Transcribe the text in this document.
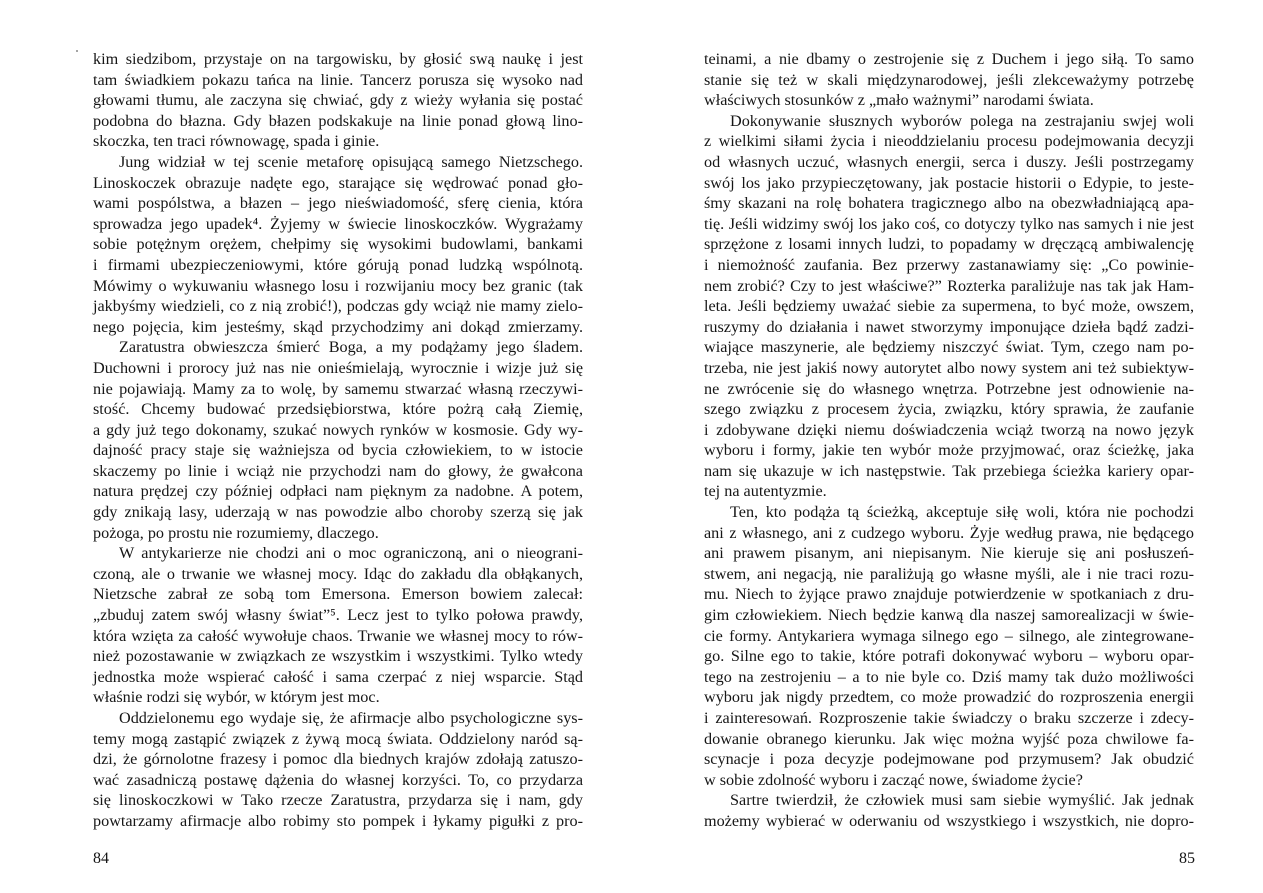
kim siedzibom, przystaje on na targowisku, by głosić swą naukę i jest
tam świadkiem pokazu tańca na linie. Tancerz porusza się wysoko nad
głowami tłumu, ale zaczyna się chwiać, gdy z wieży wyłania się postać
podobna do błazna. Gdy błazen podskakuje na linie ponad głową lino-
skoczka, ten traci równowagę, spada i ginie.
Jung widział w tej scenie metaforę opisującą samego Nietzschego.
Linoskoczek obrazuje nadęte ego, starające się wędrować ponad gło-
wami pospólstwa, a błazen – jego nieświadomość, sferę cienia, która
sprowadza jego upadek⁴. Żyjemy w świecie linoskoczków. Wygrażamy
sobie potężnym orężem, chełpimy się wysokimi budowlami, bankami
i firmami ubezpieczeniowymi, które górują ponad ludzką wspólnotą.
Mówimy o wykuwaniu własnego losu i rozwijaniu mocy bez granic (tak
jakbyśmy wiedzieli, co z nią zrobić!), podczas gdy wciąż nie mamy zielo-
nego pojęcia, kim jesteśmy, skąd przychodzimy ani dokąd zmierzamy.
Zaratustra obwieszcza śmierć Boga, a my podążamy jego śladem.
Duchowni i prorocy już nas nie onieśmielają, wyrocznie i wizje już się
nie pojawiają. Mamy za to wolę, by samemu stwarzać własną rzeczywi-
stość. Chcemy budować przedsiębiorstwa, które pożrą całą Ziemię,
a gdy już tego dokonamy, szukać nowych rynków w kosmosie. Gdy wy-
dajność pracy staje się ważniejsza od bycia człowiekiem, to w istocie
skaczemy po linie i wciąż nie przychodzi nam do głowy, że gwałcona
natura prędzej czy później odpłaci nam pięknym za nadobne. A potem,
gdy znikają lasy, uderzają w nas powodzie albo choroby szerzą się jak
pożoga, po prostu nie rozumiemy, dlaczego.
W antykarierze nie chodzi ani o moc ograniczoną, ani o nieograni-
czoną, ale o trwanie we własnej mocy. Idąc do zakładu dla obłąkanych,
Nietzsche zabrał ze sobą tom Emersona. Emerson bowiem zalecał:
„zbuduj zatem swój własny świat”⁵. Lecz jest to tylko połowa prawdy,
która wzięta za całość wywołuje chaos. Trwanie we własnej mocy to rów-
nież pozostawanie w związkach ze wszystkim i wszystkimi. Tylko wtedy
jednostka może wspierać całość i sama czerpać z niej wsparcie. Stąd
właśnie rodzi się wybór, w którym jest moc.
Oddzielonemu ego wydaje się, że afirmacje albo psychologiczne sys-
temy mogą zastąpić związek z żywą mocą świata. Oddzielony naród są-
dzi, że górnolotne frazesy i pomoc dla biednych krajów zdołają zatuszo-
wać zasadniczą postawę dążenia do własnej korzyści. To, co przydarza
się linoskoczkowi w Tako rzecze Zaratustra, przydarza się i nam, gdy
powtarzamy afirmacje albo robimy sto pompek i łykamy pigułki z pro-
84
teinami, a nie dbamy o zestrojenie się z Duchem i jego siłą. To samo
stanie się też w skali międzynarodowej, jeśli zlekceważymy potrzebę
właściwych stosunków z „mało ważnymi” narodami świata.
Dokonywanie słusznych wyborów polega na zestrajaniu swjej woli
z wielkimi siłami życia i nieoddzielaniu procesu podejmowania decyzji
od własnych uczuć, własnych energii, serca i duszy. Jeśli postrzegamy
swój los jako przypieczętowany, jak postacie historii o Edypie, to jeste-
śmy skazani na rolę bohatera tragicznego albo na obezwładniającą apa-
tię. Jeśli widzimy swój los jako coś, co dotyczy tylko nas samych i nie jest
sprzężone z losami innych ludzi, to popadamy w dręczącą ambiwalencję
i niemożność zaufania. Bez przerwy zastanawiamy się: „Co powinie-
nem zrobić? Czy to jest właściwe?” Rozterka paraliżuje nas tak jak Ham-
leta. Jeśli będziemy uważać siebie za supermena, to być może, owszem,
ruszymy do działania i nawet stworzymy imponujące dzieła bądź zadzi-
wiające maszynerie, ale będziemy niszczyć świat. Tym, czego nam po-
trzeba, nie jest jakiś nowy autorytet albo nowy system ani też subiektyw-
ne zwrócenie się do własnego wnętrza. Potrzebne jest odnowienie na-
szego związku z procesem życia, związku, który sprawia, że zaufanie
i zdobywane dzięki niemu doświadczenia wciąż tworzą na nowo język
wyboru i formy, jakie ten wybór może przyjmować, oraz ścieżkę, jaka
nam się ukazuje w ich następstwie. Tak przebiega ścieżka kariery opar-
tej na autentyzmie.
Ten, kto podąża tą ścieżką, akceptuje siłę woli, która nie pochodzi
ani z własnego, ani z cudzego wyboru. Żyje według prawa, nie będącego
ani prawem pisanym, ani niepisanym. Nie kieruje się ani posłuszeń-
stwem, ani negacją, nie paraliżują go własne myśli, ale i nie traci rozu-
mu. Niech to żyjące prawo znajduje potwierdzenie w spotkaniach z dru-
gim człowiekiem. Niech będzie kanwą dla naszej samorealizacji w świe-
cie formy. Antykariera wymaga silnego ego – silnego, ale zintegrowane-
go. Silne ego to takie, które potrafi dokonywać wyboru – wyboru opar-
tego na zestrojeniu – a to nie byle co. Dziś mamy tak dużo możliwości
wyboru jak nigdy przedtem, co może prowadzić do rozproszenia energii
i zainteresowań. Rozproszenie takie świadczy o braku szczerze i zdecy-
dowanie obranego kierunku. Jak więc można wyjść poza chwilowe fa-
scynacje i poza decyzje podejmowane pod przymusem? Jak obudzić
w sobie zdolność wyboru i zacząć nowe, świadome życie?
Sartre twierdził, że człowiek musi sam siebie wymyślić. Jak jednak
możemy wybierać w oderwaniu od wszystkiego i wszystkich, nie dopro-
85
